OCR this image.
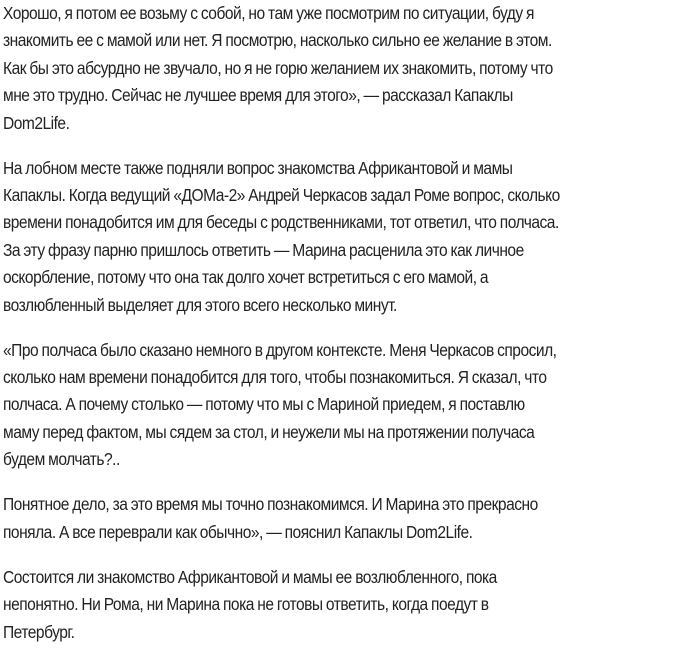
Хорошо, я потом ее возьму с собой, но там уже посмотрим по ситуации, буду я
знакомить ее с мамой или нет. Я посмотрю, насколько сильно ее желание в этом.
Как бы это абсурдно не звучало, но я не горю желанием их знакомить, потому что
мне это трудно. Сейчас не лучшее время для этого», — рассказал Капаклы
Dom2Life.

На лобном месте также подняли вопрос знакомства Африкантовой и мамы
Капаклы. Когда ведущий «ДОМа-2» Андрей Черкасов задал Роме вопрос, сколько
времени понадобится им для беседы с родственниками, тот ответил, что полчаса.
За эту фразу парню пришлось ответить — Марина расценила это как личное
оскорбление, потому что она так долго хочет встретиться с его мамой, а
возлюбленный выделяет для этого всего несколько минут.

«Про полчаса было сказано немного в другом контексте. Меня Черкасов спросил,
сколько нам времени понадобится для того, чтобы познакомиться. Я сказал, что
полчаса. А почему столько — потому что мы с Мариной приедем, я поставлю
маму перед фактом, мы сядем за стол, и неужели мы на протяжении получаса
будем молчать?..

Понятное дело, за это время мы точно познакомимся. И Марина это прекрасно
поняла. А все переврали как обычно», — пояснил Капаклы Dom2Life.

Состоится ли знакомство Африкантовой и мамы ее возлюбленного, пока
непонятно. Ни Рома, ни Марина пока не готовы ответить, когда поедут в
Петербург.
